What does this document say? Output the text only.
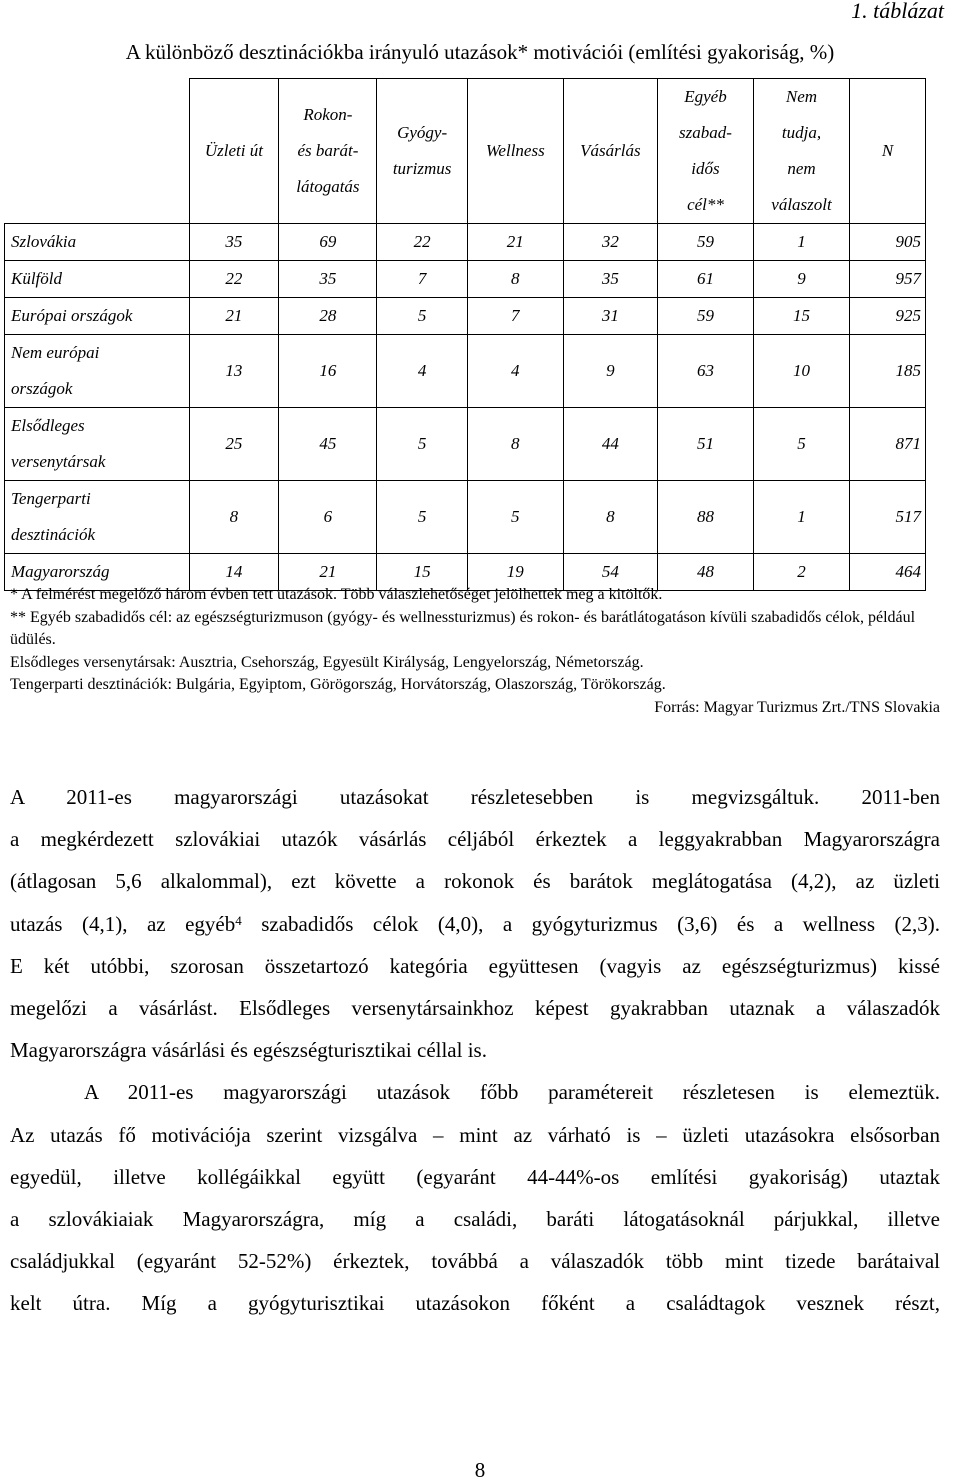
1. táblázat
A különböző desztinációkba irányuló utazások* motivációi (említési gyakoriság, %)
	Üzleti út	Rokon-
és barát-
látogatás	Gyógy-
turizmus	Wellness	Vásárlás	Egyéb
szabad-
idős
cél**	Nem
tudja,
nem
válaszolt	N
Szlovákia	35	69	22	21	32	59	1	905
Külföld	22	35	7	8	35	61	9	957
Európai országok	21	28	5	7	31	59	15	925
Nem európai
országok	13	16	4	4	9	63	10	185
Elsődleges
versenytársak	25	45	5	8	44	51	5	871
Tengerparti
desztinációk	8	6	5	5	8	88	1	517
Magyarország	14	21	15	19	54	48	2	464

* A felmérést megelőző három évben tett utazások. Több válaszlehetőséget jelölhettek meg a kitöltők.

** Egyéb szabadidős cél: az egészségturizmuson (gyógy- és wellnessturizmus) és rokon- és barátlátogatáson kívüli szabadidős célok, például üdülés.

Elsődleges versenytársak: Ausztria, Csehország, Egyesült Királyság, Lengyelország, Németország.

Tengerparti desztinációk: Bulgária, Egyiptom, Görögország, Horvátország, Olaszország, Törökország.

Forrás: Magyar Turizmus Zrt./TNS Slovakia

A 2011-es magyarországi utazásokat részletesebben is megvizsgáltuk. 2011-ben

a megkérdezett szlovákiai utazók vásárlás céljából érkeztek a leggyakrabban Magyarországra

(átlagosan 5,6 alkalommal), ezt követte a rokonok és barátok meglátogatása (4,2), az üzleti

utazás (4,1), az egyéb$^4$ szabadidős célok (4,0), a gyógyturizmus (3,6) és a wellness (2,3).

E két utóbbi, szorosan összetartozó kategória együttesen (vagyis az egészségturizmus) kissé

megelőzi a vásárlást. Elsődleges versenytársainkhoz képest gyakrabban utaznak a válaszadók

Magyarországra vásárlási és egészségturisztikai céllal is.

A 2011-es magyarországi utazások főbb paramétereit részletesen is elemeztük.

Az utazás fő motivációja szerint vizsgálva – mint az várható is – üzleti utazásokra elsősorban

egyedül, illetve kollégáikkal együtt (egyaránt 44-44%-os említési gyakoriság) utaztak

a szlovákiaiak Magyarországra, míg a családi, baráti látogatásoknál párjukkal, illetve

családjukkal (egyaránt 52-52%) érkeztek, továbbá a válaszadók több mint tizede barátaival

kelt útra. Míg a gyógyturisztikai utazásokon főként a családtagok vesznek részt,

8
